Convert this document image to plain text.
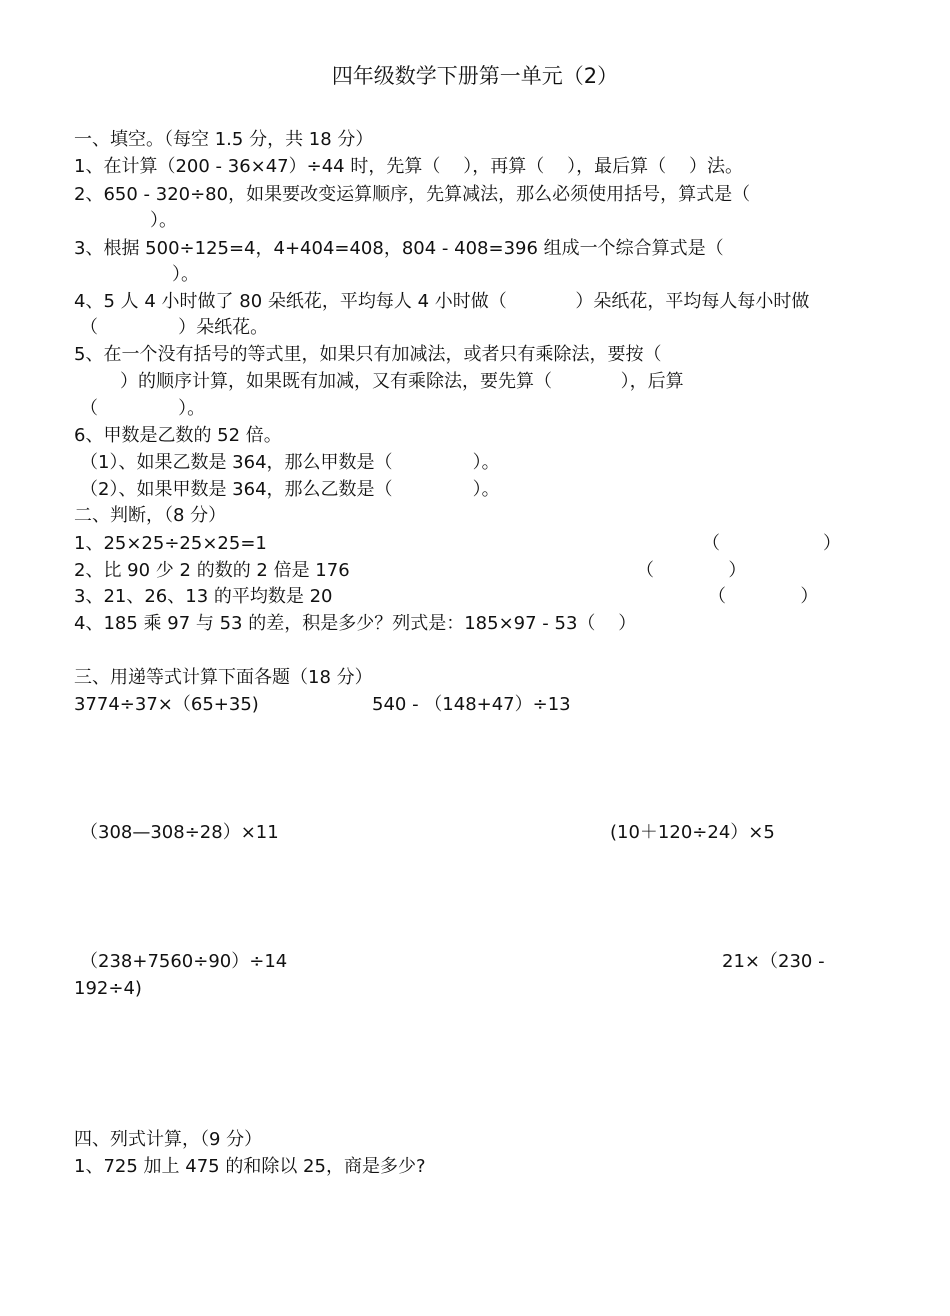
四年级数学下册第一单元（2）
一、填空。（每空 1.5 分，共 18 分）
1、在计算（200 - 36×47）÷44 时，先算（    ），再算（    ），最后算（    ）法。
2、650 - 320÷80，如果要改变运算顺序，先算减法，那么必须使用括号，算式是（
）。
3、根据 500÷125=4，4+404=408，804 - 408=396 组成一个综合算式是（
）。
4、5 人 4 小时做了 80 朵纸花，平均每人 4 小时做（            ）朵纸花，平均每人每小时做
（              ）朵纸花。
5、在一个没有括号的等式里，如果只有加减法，或者只有乘除法，要按（
）的顺序计算，如果既有加减，又有乘除法，要先算（            ），后算
（              ）。
6、甲数是乙数的 52 倍。
（1）、如果乙数是 364，那么甲数是（              ）。
（2）、如果甲数是 364，那么乙数是（              ）。
二、判断，（8 分）
1、25×25÷25×25=1	（                  ）
2、比 90 少 2 的数的 2 倍是 176	（             ）
3、21、26、13 的平均数是 20	（             ）
4、185 乘 97 与 53 的差，积是多少？列式是：185×97 - 53（    ）
三、用递等式计算下面各题（18 分）
3774÷37×（65+35)	540 - （148+47）÷13
（308—308÷28）×11	(10＋120÷24）×5
（238+7560÷90）÷14	21×（230 -
192÷4)
四、列式计算，（9 分）
1、725 加上 475 的和除以 25，商是多少?
